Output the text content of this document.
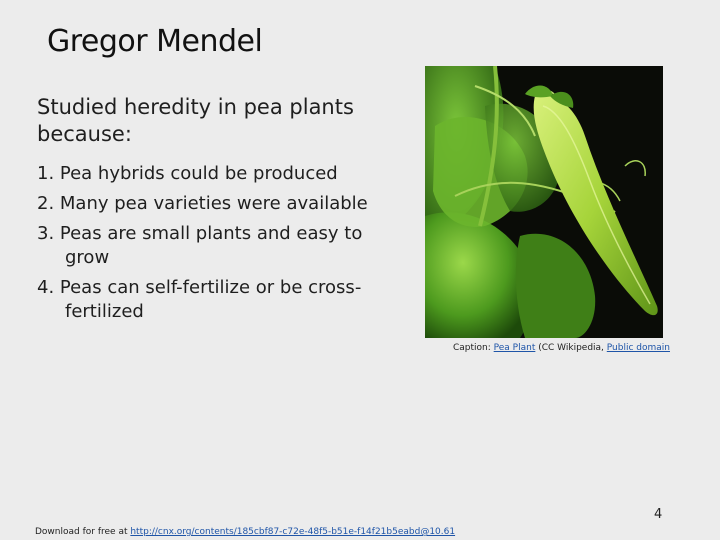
Gregor Mendel
Studied heredity in pea plants because:
1. Pea hybrids could be produced
2. Many pea varieties were available
3. Peas are small plants and easy to grow
4. Peas can self-fertilize or be cross-fertilized
Caption: Pea Plant (CC Wikipedia, Public domain
4
Download for free at http://cnx.org/contents/185cbf87-c72e-48f5-b51e-f14f21b5eabd@10.61
